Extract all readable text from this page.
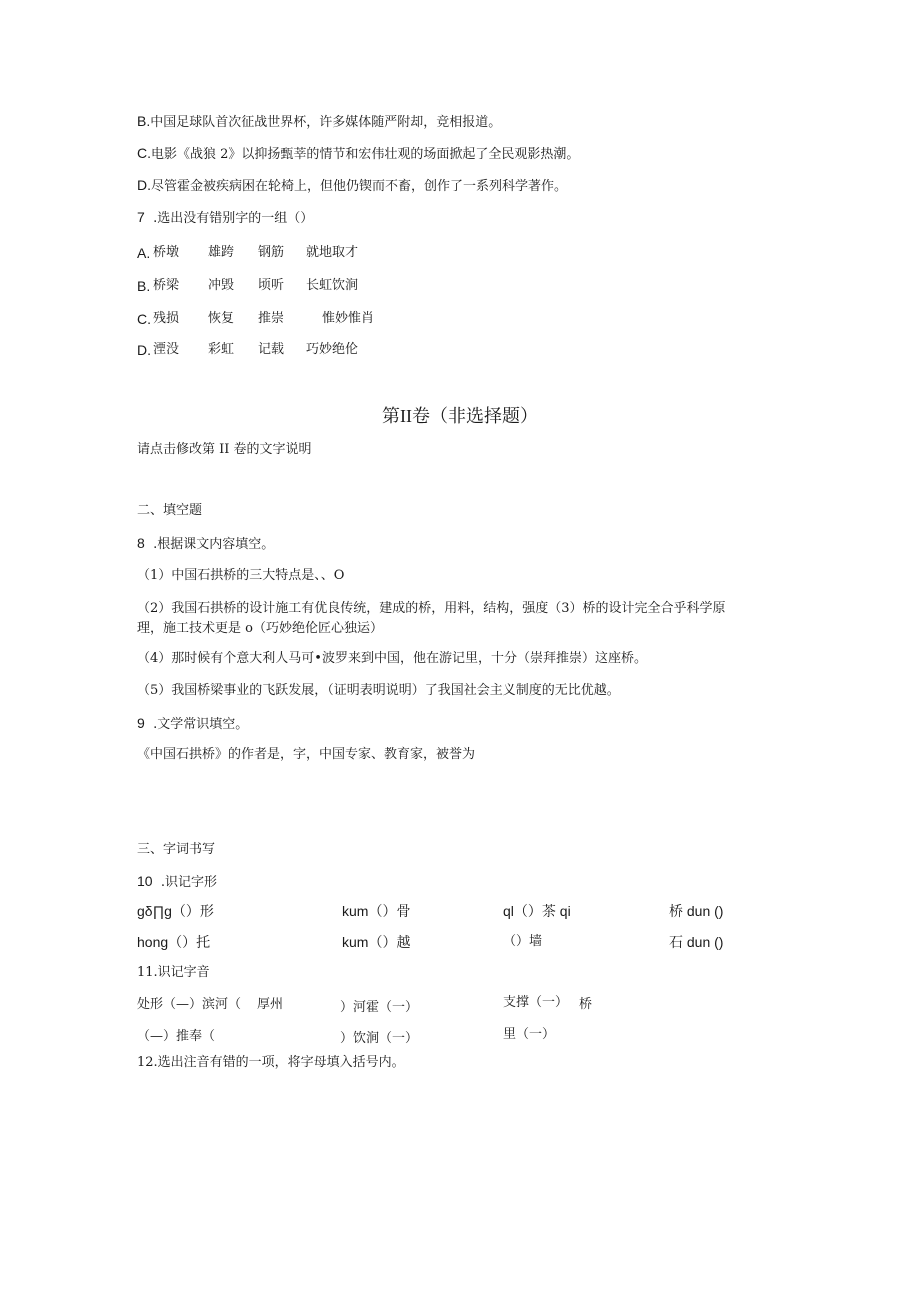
B.中国足球队首次征战世界杯，许多媒体随严附却，竞相报道。
C.电影《战狼 2》以抑扬甄莘的情节和宏伟壮观的场面掀起了全民观影热潮。
D.尽管霍金被疾病困在轮椅上，但他仍锲而不畜，创作了一系列科学著作。
7 .选出没有错别字的一组（）
A. 桥墩 雄跨 钢筋 就地取才
B. 桥梁 冲毁 顷听 长虹饮涧
C. 残损 恢复 推崇	惟妙惟肖
D. 湮没 彩虹 记载 巧妙绝伦
第II卷（非选择题）
请点击修改第 II 卷的文字说明
二、填空题
8 .根据课文内容填空。
（1）中国石拱桥的三大特点是、、O
（2）我国石拱桥的设计施工有优良传统，建成的桥，用料，结构，强度（3）桥的设计完全合乎科学原
理，施工技术更是 o（巧妙绝伦匠心独运）
（4）那时候有个意大利人马可•波罗来到中国，他在游记里，十分（崇拜推崇）这座桥。
（5）我国桥梁事业的飞跃发展，（证明表明说明）了我国社会主义制度的无比优越。
9 .文学常识填空。
《中国石拱桥》的作者是，字，中国专家、教育家，被誉为
三、字词书写
10 .识记字形
gδ∏g（）形	kum（）骨	ql（）茶 qi	桥 dun ()
hong（）托	kum（）越	（）墙	石 dun ()
11.识记字音
处形（—）滨河（ 厚州	）河霍（一）	支撑（一） 桥
（—）推奉（	）饮涧（一）	里（一）
12.选出注音有错的一项，将字母填入括号内。
